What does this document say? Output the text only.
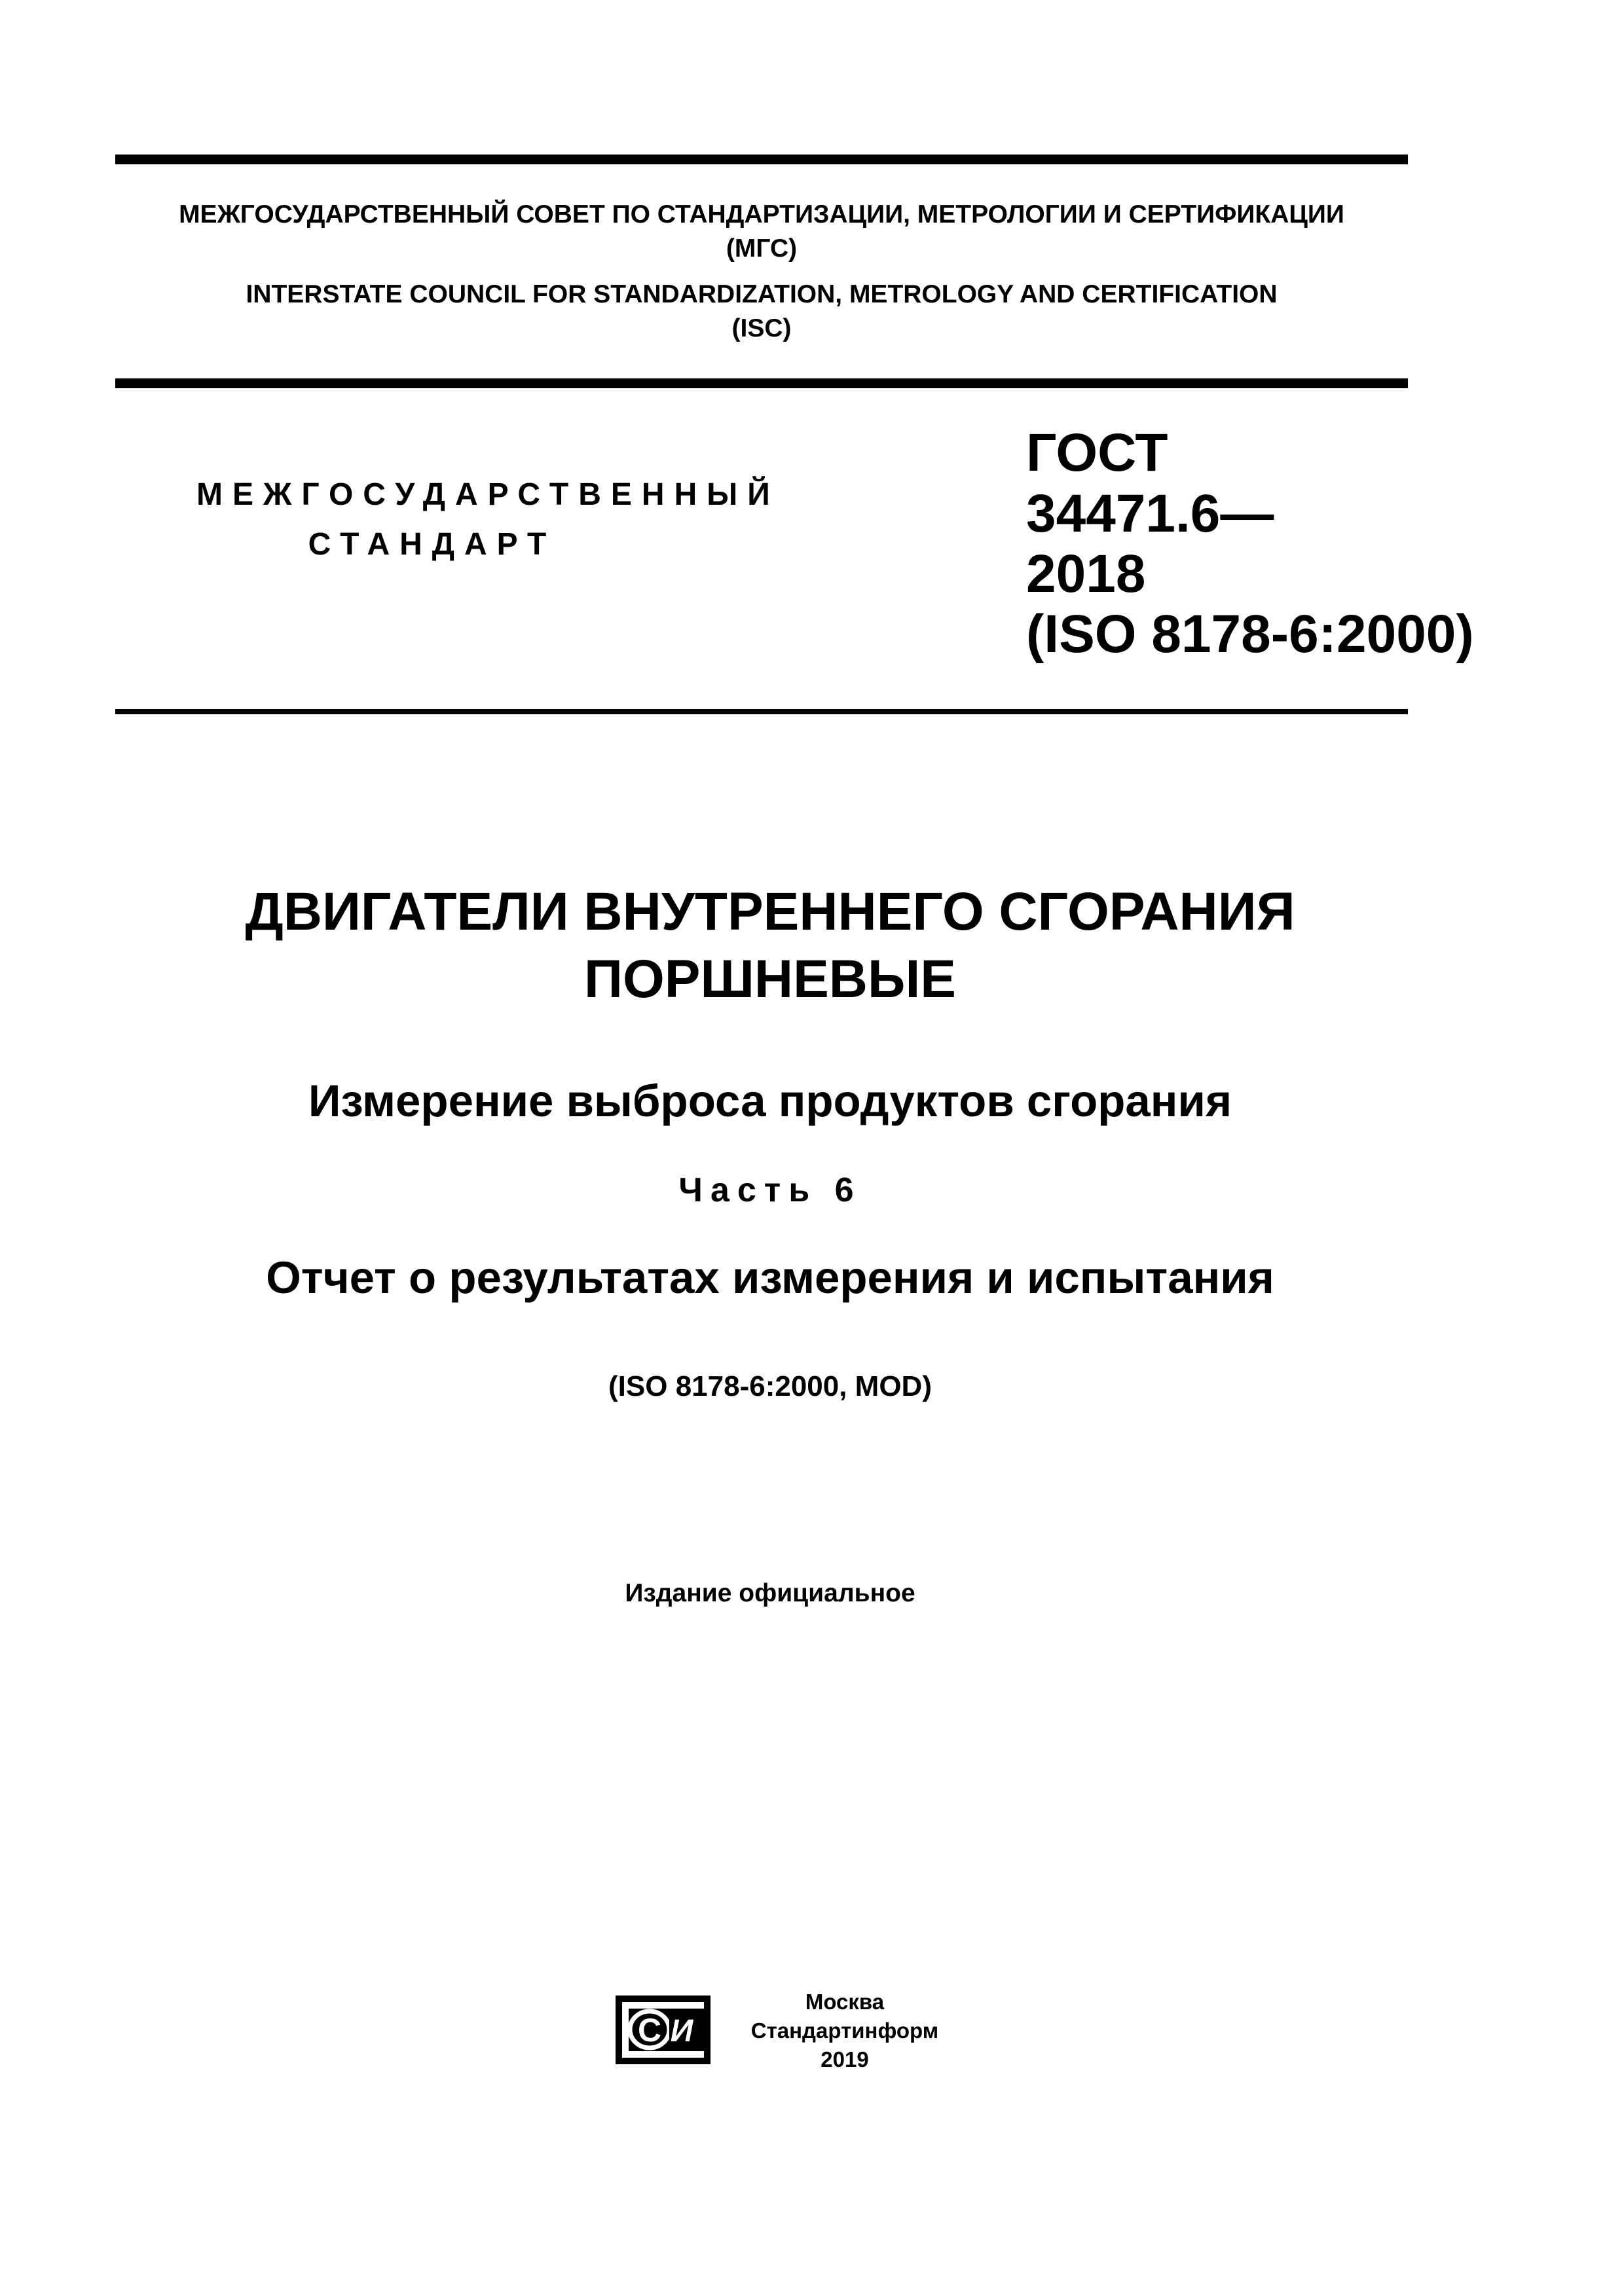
МЕЖГОСУДАРСТВЕННЫЙ СОВЕТ ПО СТАНДАРТИЗАЦИИ, МЕТРОЛОГИИ И СЕРТИФИКАЦИИ
(МГС)
INTERSTATE COUNCIL FOR STANDARDIZATION, METROLOGY AND CERTIFICATION
(ISC)
МЕЖГОСУДАРСТВЕННЫЙ
СТАНДАРТ
ГОСТ
34471.6—
2018
(ISO 8178-6:2000)
ДВИГАТЕЛИ ВНУТРЕННЕГО СГОРАНИЯ
ПОРШНЕВЫЕ
Измерение выброса продуктов сгорания
Часть 6
Отчет о результатах измерения и испытания
(ISO 8178-6:2000, MOD)
Издание официальное
С И
Москва
Стандартинформ
2019
